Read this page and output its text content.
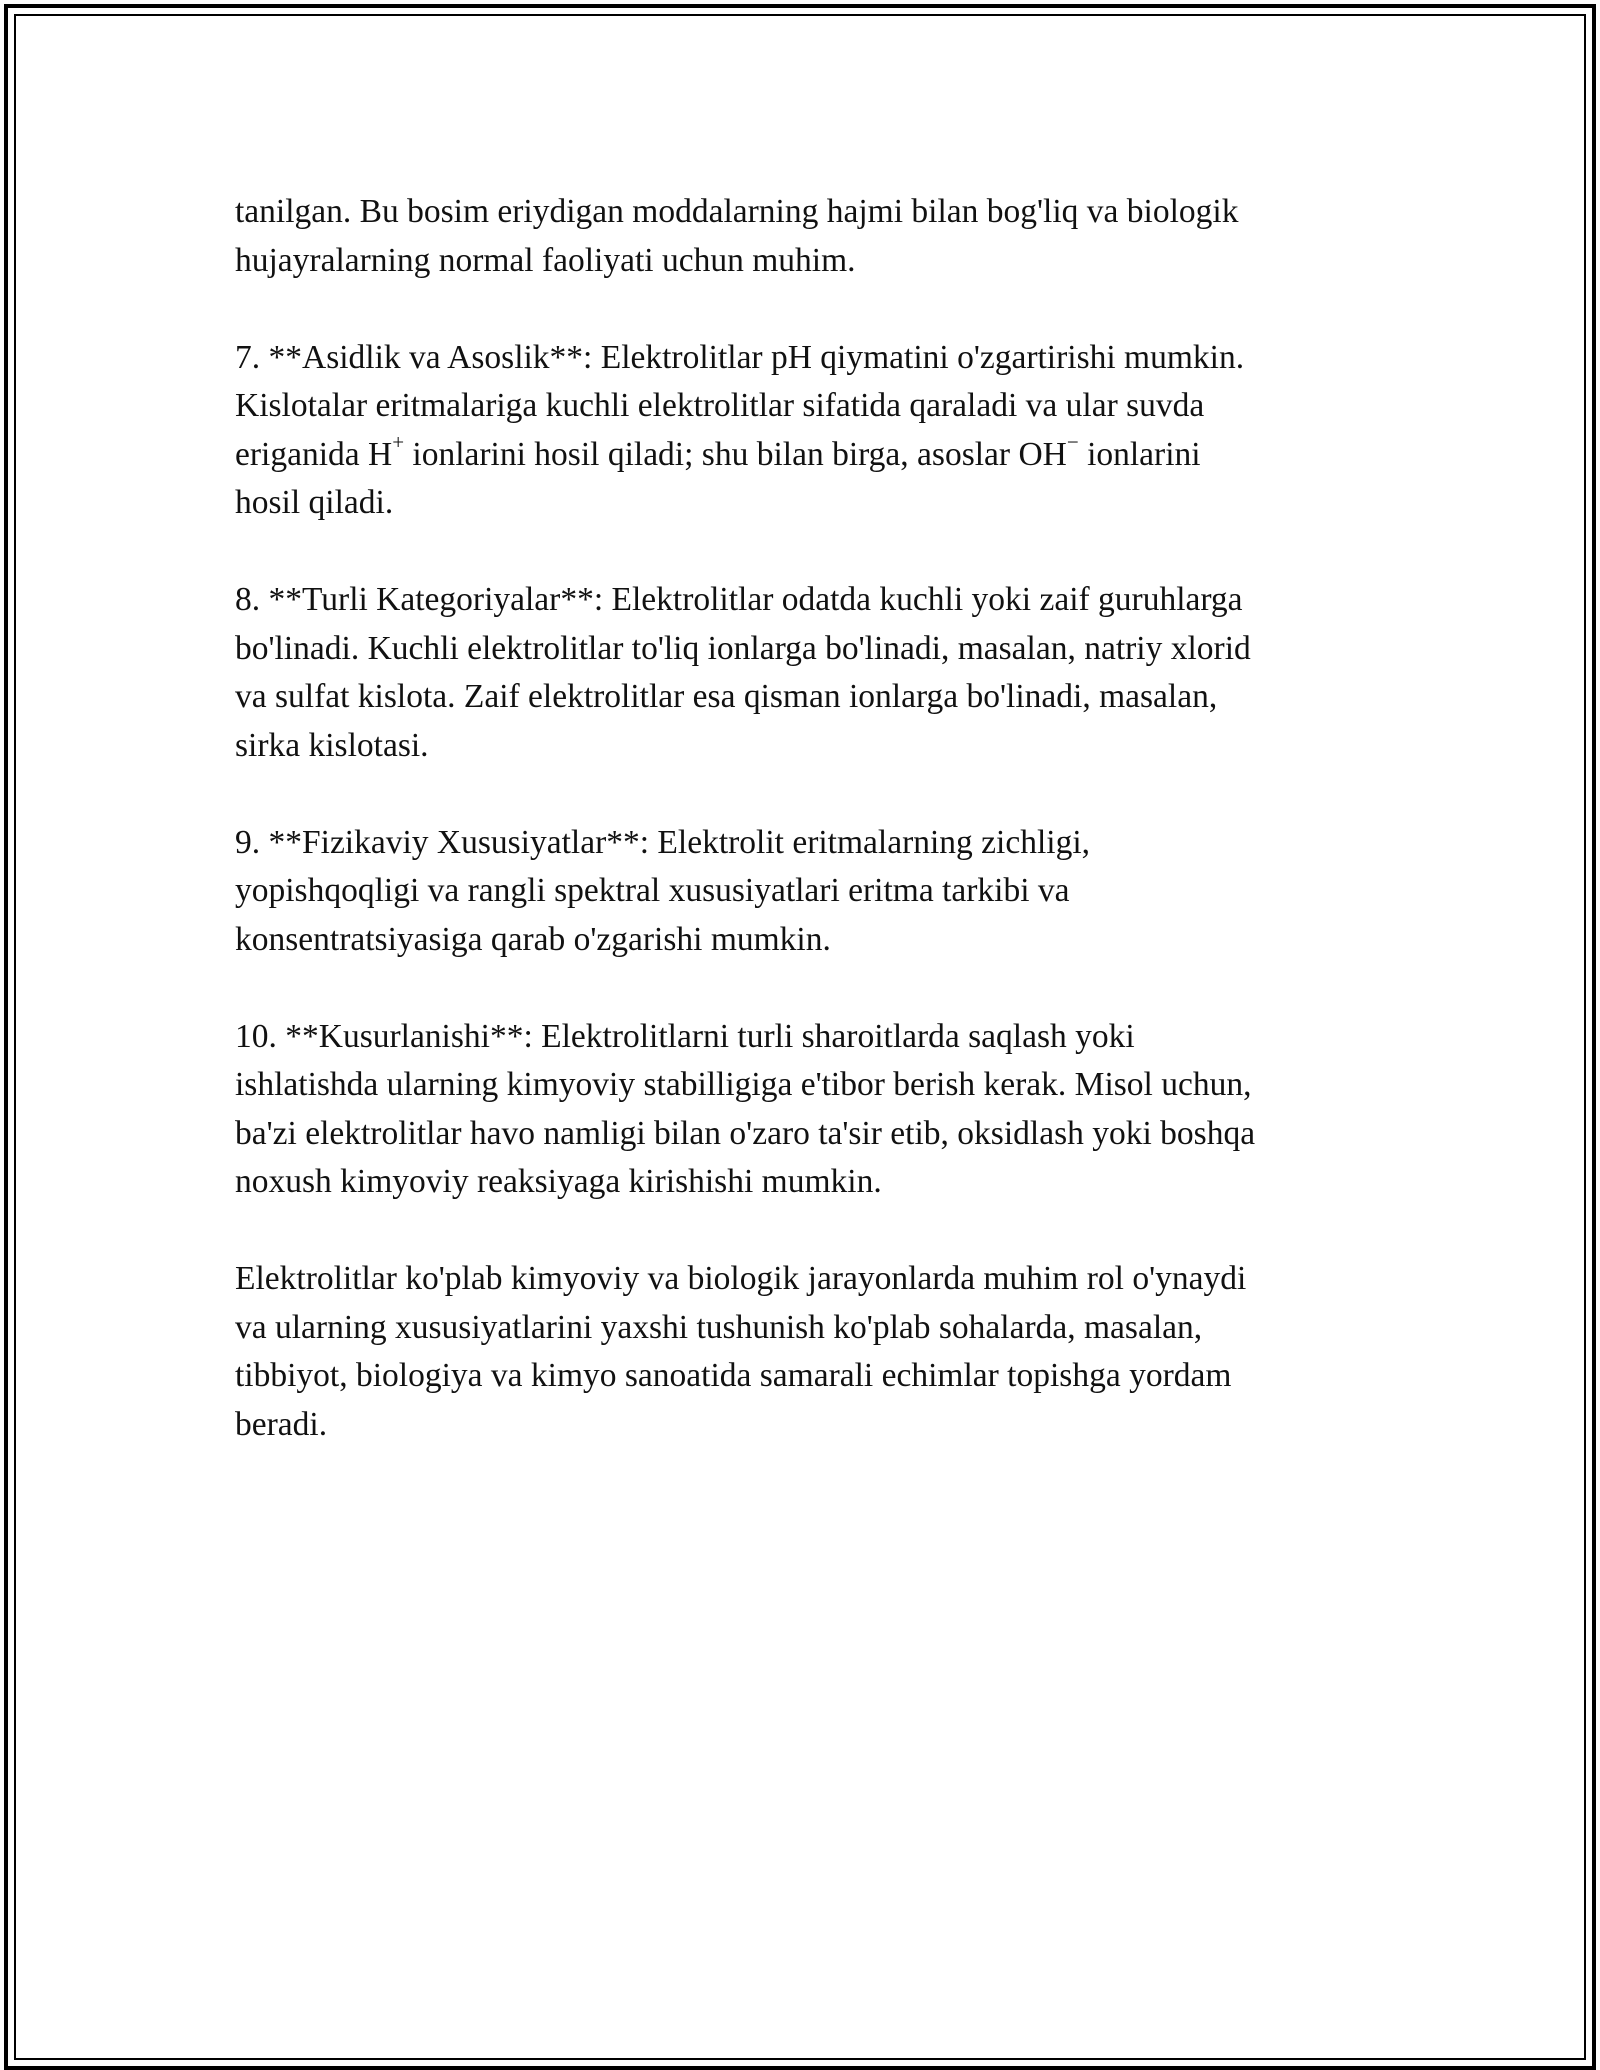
tanilgan. Bu bosim eriydigan moddalarning hajmi bilan bog'liq va biologik
hujayralarning normal faoliyati uchun muhim.
7. **Asidlik va Asoslik**: Elektrolitlar pH qiymatini o'zgartirishi mumkin.
Kislotalar eritmalariga kuchli elektrolitlar sifatida qaraladi va ular suvda
eriganida H+ ionlarini hosil qiladi; shu bilan birga, asoslar OH− ionlarini
hosil qiladi.
8. **Turli Kategoriyalar**: Elektrolitlar odatda kuchli yoki zaif guruhlarga
bo'linadi. Kuchli elektrolitlar to'liq ionlarga bo'linadi, masalan, natriy xlorid
va sulfat kislota. Zaif elektrolitlar esa qisman ionlarga bo'linadi, masalan,
sirka kislotasi.
9. **Fizikaviy Xususiyatlar**: Elektrolit eritmalarning zichligi,
yopishqoqligi va rangli spektral xususiyatlari eritma tarkibi va
konsentratsiyasiga qarab o'zgarishi mumkin.
10. **Kusurlanishi**: Elektrolitlarni turli sharoitlarda saqlash yoki
ishlatishda ularning kimyoviy stabilligiga e'tibor berish kerak. Misol uchun,
ba'zi elektrolitlar havo namligi bilan o'zaro ta'sir etib, oksidlash yoki boshqa
noxush kimyoviy reaksiyaga kirishishi mumkin.
Elektrolitlar ko'plab kimyoviy va biologik jarayonlarda muhim rol o'ynaydi
va ularning xususiyatlarini yaxshi tushunish ko'plab sohalarda, masalan,
tibbiyot, biologiya va kimyo sanoatida samarali echimlar topishga yordam
beradi.
